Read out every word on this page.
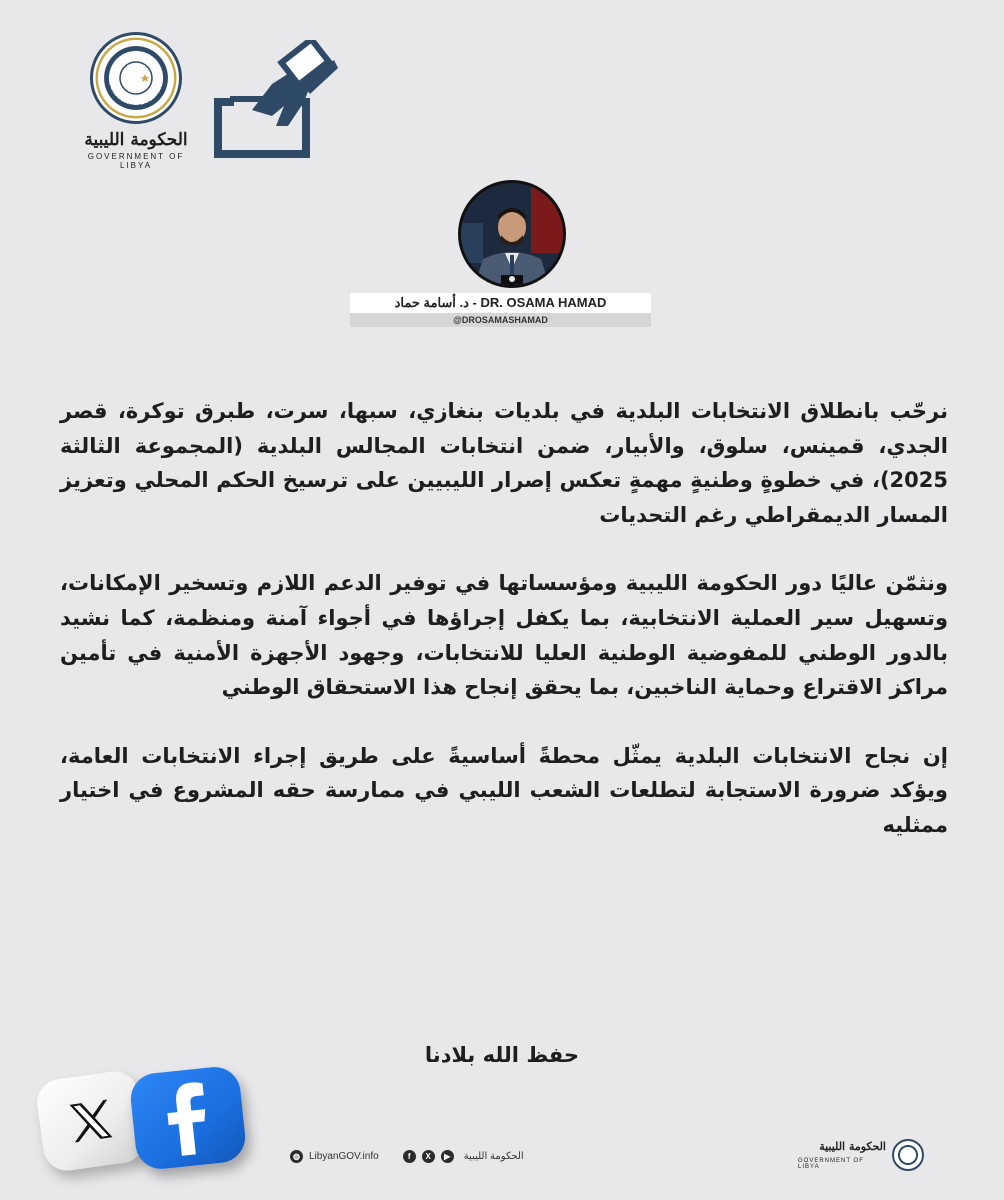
GOVERNMENT OF LIBYA
الحكومة الليبية
GOVERNMENT OF LIBYA
د. أسامة حماد - DR. OSAMA HAMAD
@DROSAMASHAMAD

نرحّب بانطلاق الانتخابات البلدية في بلديات بنغازي، سبها، سرت، طبرق توكرة، قصر الجدي، قمينس، سلوق، والأبيار، ضمن انتخابات المجالس البلدية (المجموعة الثالثة 2025)، في خطوةٍ وطنيةٍ مهمةٍ تعكس إصرار الليبيين على ترسيخ الحكم المحلي وتعزيز المسار الديمقراطي رغم التحديات

ونثمّن عاليًا دور الحكومة الليبية ومؤسساتها في توفير الدعم اللازم وتسخير الإمكانات، وتسهيل سير العملية الانتخابية، بما يكفل إجراؤها في أجواء آمنة ومنظمة، كما نشيد بالدور الوطني للمفوضية الوطنية العليا للانتخابات، وجهود الأجهزة الأمنية في تأمين مراكز الاقتراع وحماية الناخبين، بما يحقق إنجاح هذا الاستحقاق الوطني

إن نجاح الانتخابات البلدية يمثّل محطةً أساسيةً على طريق إجراء الانتخابات العامة، ويؤكد ضرورة الاستجابة لتطلعات الشعب الليبي في ممارسة حقه المشروع في اختيار ممثليه

حفظ الله بلادنا
◍ LibyanGOV.info	f	X	▶	الحكومة الليبية
الحكومة الليبية
GOVERNMENT OF LIBYA
